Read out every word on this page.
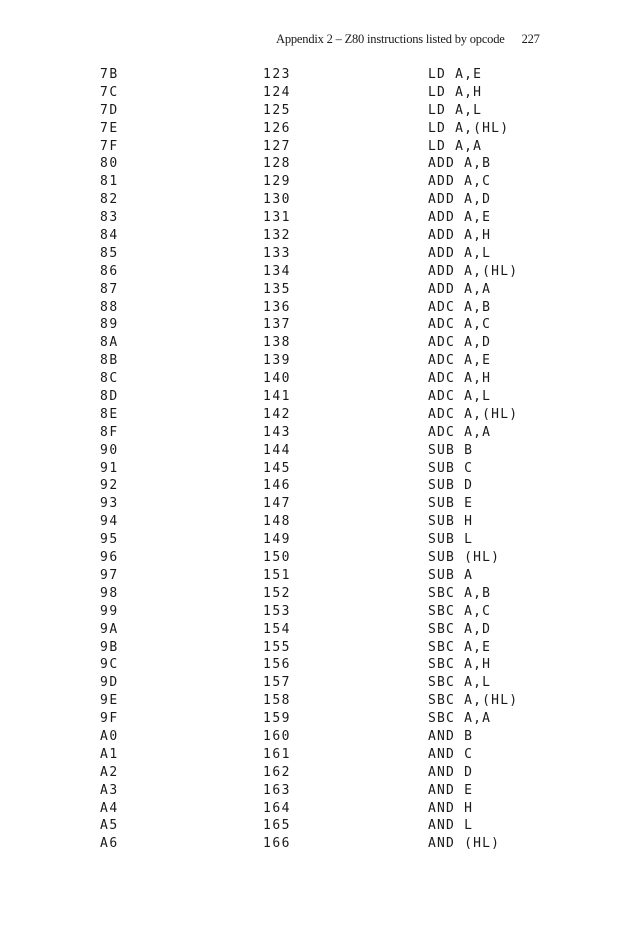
Appendix 2 – Z80 instructions listed by opcode 227
7B	123	LD A,E
7C	124	LD A,H
7D	125	LD A,L
7E	126	LD A,(HL)
7F	127	LD A,A
80	128	ADD A,B
81	129	ADD A,C
82	130	ADD A,D
83	131	ADD A,E
84	132	ADD A,H
85	133	ADD A,L
86	134	ADD A,(HL)
87	135	ADD A,A
88	136	ADC A,B
89	137	ADC A,C
8A	138	ADC A,D
8B	139	ADC A,E
8C	140	ADC A,H
8D	141	ADC A,L
8E	142	ADC A,(HL)
8F	143	ADC A,A
90	144	SUB B
91	145	SUB C
92	146	SUB D
93	147	SUB E
94	148	SUB H
95	149	SUB L
96	150	SUB (HL)
97	151	SUB A
98	152	SBC A,B
99	153	SBC A,C
9A	154	SBC A,D
9B	155	SBC A,E
9C	156	SBC A,H
9D	157	SBC A,L
9E	158	SBC A,(HL)
9F	159	SBC A,A
A0	160	AND B
A1	161	AND C
A2	162	AND D
A3	163	AND E
A4	164	AND H
A5	165	AND L
A6	166	AND (HL)
